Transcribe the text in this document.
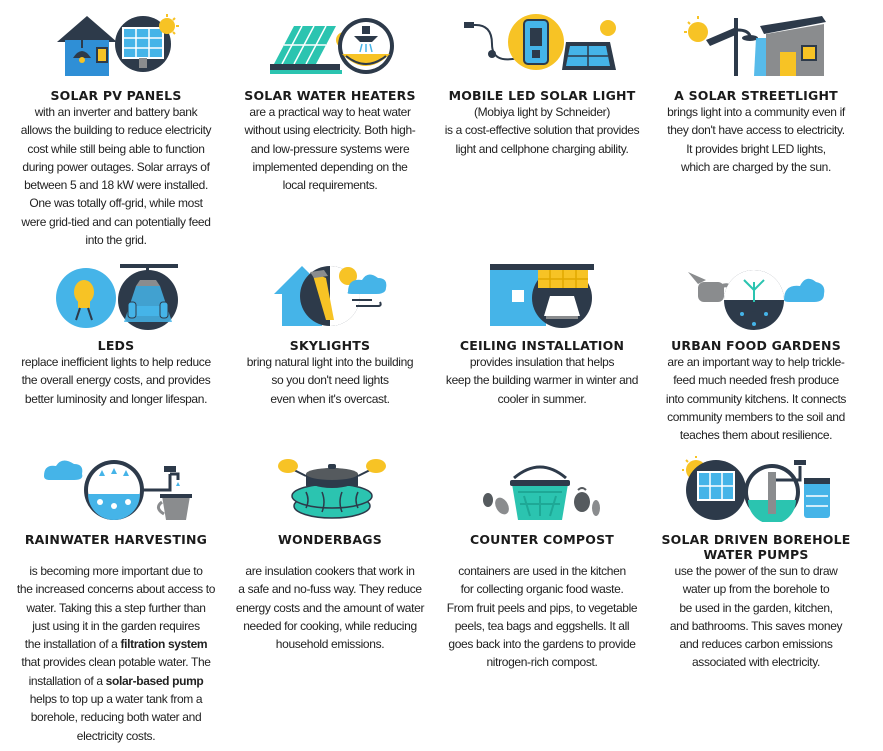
SOLAR PV PANELS
with an inverter and battery bank
allows the building to reduce electricity
cost while still being able to function
during power outages. Solar arrays of
between 5 and 18 kW were installed.
One was totally off-grid, while most
were grid-tied and can potentially feed
into the grid.
SOLAR WATER HEATERS
are a practical way to heat water
without using electricity. Both high-
and low-pressure systems were
implemented depending on the
local requirements.
MOBILE LED SOLAR LIGHT
(Mobiya light by Schneider)
is a cost-effective solution that provides
light and cellphone charging ability.
A SOLAR STREETLIGHT
brings light into a community even if
they don't have access to electricity.
It provides bright LED lights,
which are charged by the sun.
LEDS
replace inefficient lights to help reduce
the overall energy costs, and provides
better luminosity and longer lifespan.
SKYLIGHTS
bring natural light into the building
so you don't need lights
even when it's overcast.
CEILING INSTALLATION
provides insulation that helps
keep the building warmer in winter and
cooler in summer.
URBAN FOOD GARDENS
are an important way to help trickle-
feed much needed fresh produce
into community kitchens. It connects
community members to the soil and
teaches them about resilience.
RAINWATER HARVESTING
is becoming more important due to
the increased concerns about access to
water. Taking this a step further than
just using it in the garden requires
the installation of a filtration system
that provides clean potable water. The
installation of a solar-based pump
helps to top up a water tank from a
borehole, reducing both water and
electricity costs.
WONDERBAGS
are insulation cookers that work in
a safe and no-fuss way. They reduce
energy costs and the amount of water
needed for cooking, while reducing
household emissions.
COUNTER COMPOST
containers are used in the kitchen
for collecting organic food waste.
From fruit peels and pips, to vegetable
peels, tea bags and eggshells. It all
goes back into the gardens to provide
nitrogen-rich compost.
SOLAR DRIVEN BOREHOLE
WATER PUMPS
use the power of the sun to draw
water up from the borehole to
be used in the garden, kitchen,
and bathrooms. This saves money
and reduces carbon emissions
associated with electricity.
